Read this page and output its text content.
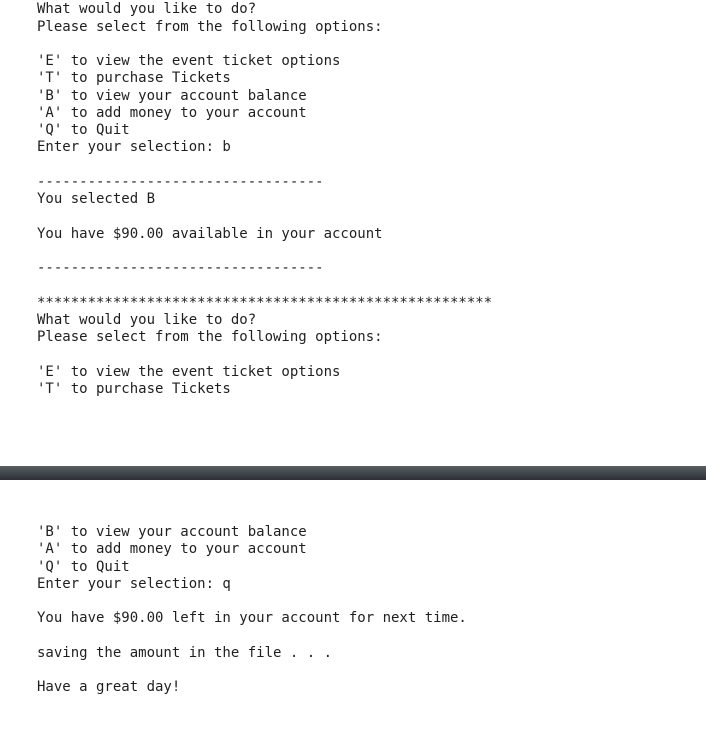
What would you like to do?
Please select from the following options:
'E' to view the event ticket options
'T' to purchase Tickets
'B' to view your account balance
'A' to add money to your account
'Q' to Quit
Enter your selection: b
----------------------------------
You selected B
You have $90.00 available in your account
----------------------------------
******************************************************
What would you like to do?
Please select from the following options:
'E' to view the event ticket options
'T' to purchase Tickets
'B' to view your account balance
'A' to add money to your account
'Q' to Quit
Enter your selection: q
You have $90.00 left in your account for next time.
saving the amount in the file . . .
Have a great day!
